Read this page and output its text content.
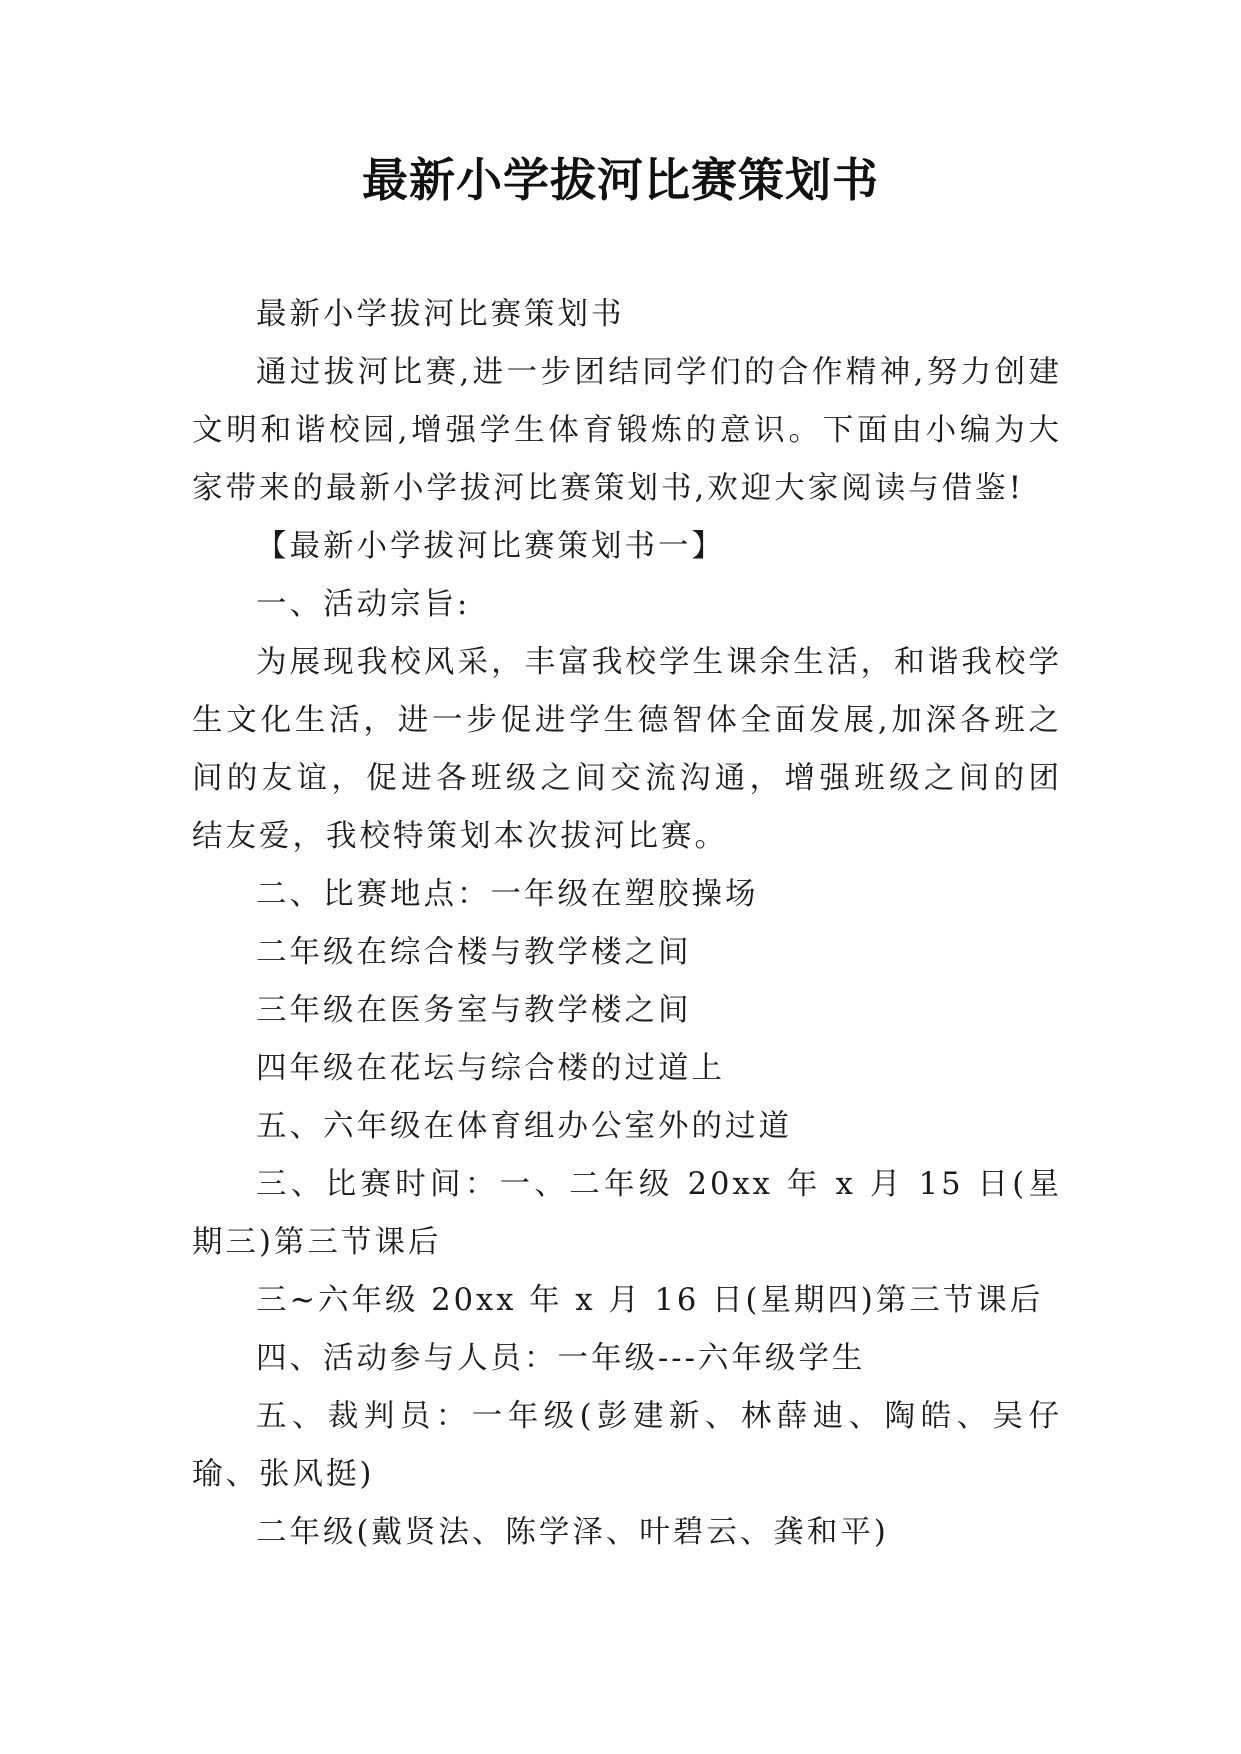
最新小学拔河比赛策划书

最新小学拔河比赛策划书

通过拔河比赛,进一步团结同学们的合作精神,努力创建文明和谐校园,增强学生体育锻炼的意识。下面由小编为大家带来的最新小学拔河比赛策划书,欢迎大家阅读与借鉴!

【最新小学拔河比赛策划书一】

一、活动宗旨:

为展现我校风采，丰富我校学生课余生活，和谐我校学生文化生活，进一步促进学生德智体全面发展,加深各班之间的友谊，促进各班级之间交流沟通，增强班级之间的团结友爱，我校特策划本次拔河比赛。

二、比赛地点：一年级在塑胶操场

二年级在综合楼与教学楼之间

三年级在医务室与教学楼之间

四年级在花坛与综合楼的过道上

五、六年级在体育组办公室外的过道

三、比赛时间：一、二年级 20xx 年 x 月 15 日(星期三)第三节课后

三~六年级 20xx 年 x 月 16 日(星期四)第三节课后

四、活动参与人员：一年级---六年级学生

五、裁判员：一年级(彭建新、林薛迪、陶皓、吴仔瑜、张风挺)

二年级(戴贤法、陈学泽、叶碧云、龚和平)
